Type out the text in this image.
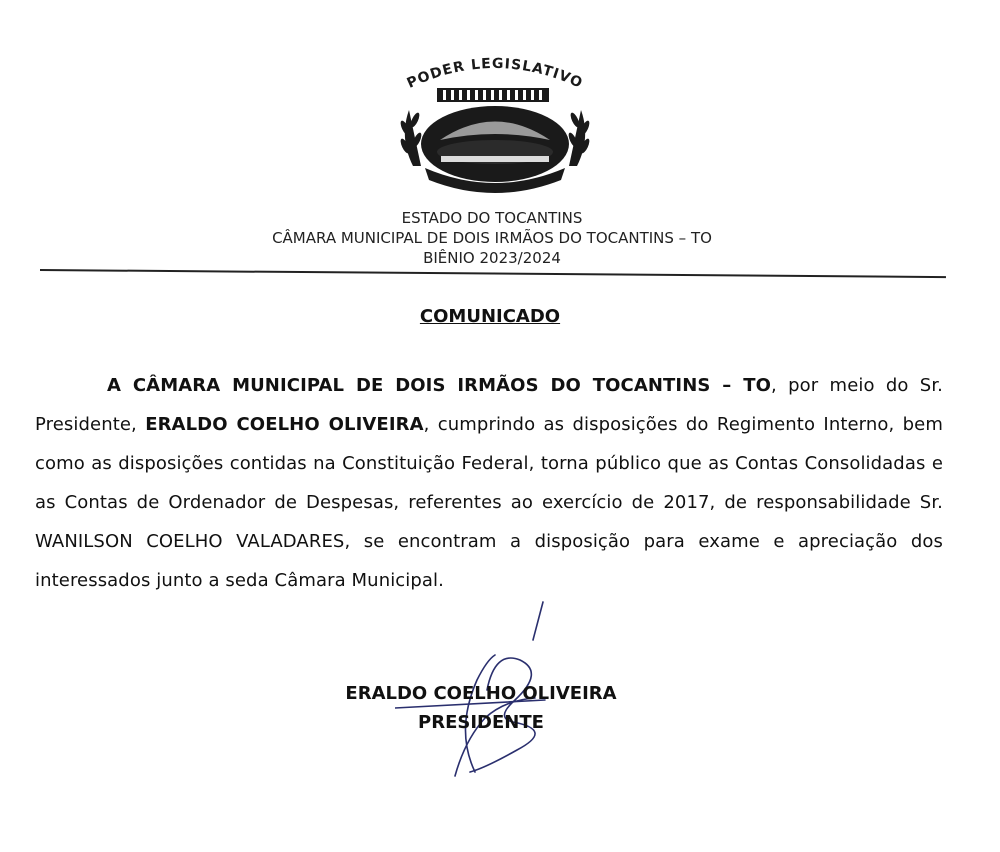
PODER LEGISLATIVO
ESTADO DO TOCANTINS
CÂMARA MUNICIPAL DE DOIS IRMÃOS DO TOCANTINS – TO
BIÊNIO 2023/2024
COMUNICADO
A CÂMARA MUNICIPAL DE DOIS IRMÃOS DO TOCANTINS – TO, por meio do Sr. Presidente, ERALDO COELHO OLIVEIRA, cumprindo as disposições do Regimento Interno, bem como as disposições contidas na Constituição Federal, torna público que as Contas Consolidadas e as Contas de Ordenador de Despesas, referentes ao exercício de 2017, de responsabilidade Sr. WANILSON COELHO VALADARES, se encontram a disposição para exame e apreciação dos interessados junto a seda Câmara Municipal.
ERALDO COELHO OLIVEIRA
PRESIDENTE
